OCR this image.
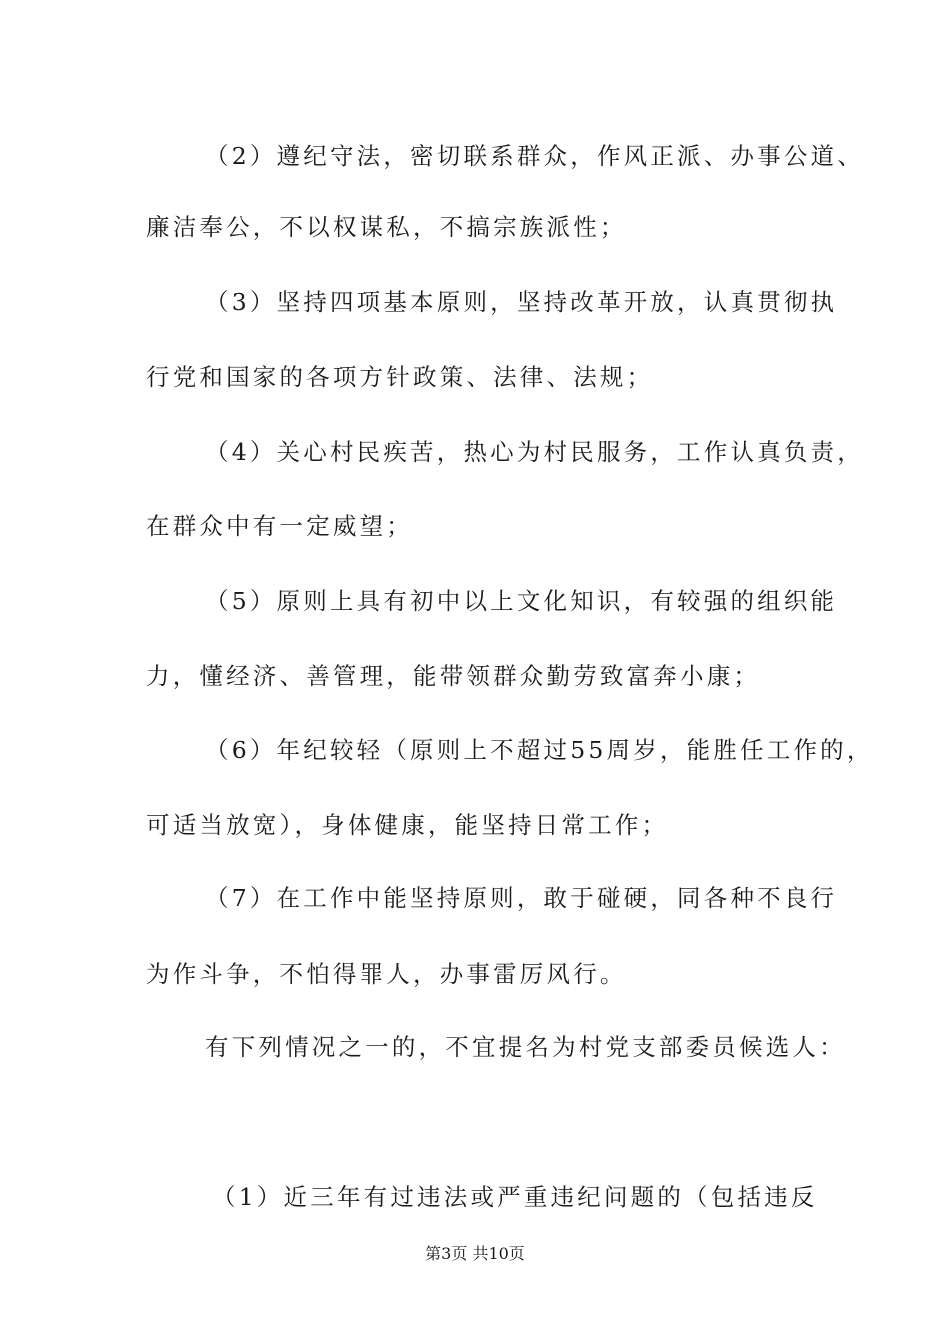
（2）遵纪守法，密切联系群众，作风正派、办事公道、
廉洁奉公，不以权谋私，不搞宗族派性；
（3）坚持四项基本原则，坚持改革开放，认真贯彻执
行党和国家的各项方针政策、法律、法规；
（4）关心村民疾苦，热心为村民服务，工作认真负责，
在群众中有一定威望；
（5）原则上具有初中以上文化知识，有较强的组织能
力，懂经济、善管理，能带领群众勤劳致富奔小康；
（6）年纪较轻（原则上不超过55周岁，能胜任工作的，
可适当放宽），身体健康，能坚持日常工作；
（7）在工作中能坚持原则，敢于碰硬，同各种不良行
为作斗争，不怕得罪人，办事雷厉风行。
有下列情况之一的，不宜提名为村党支部委员候选人：
（1）近三年有过违法或严重违纪问题的（包括违反
第3页 共10页
